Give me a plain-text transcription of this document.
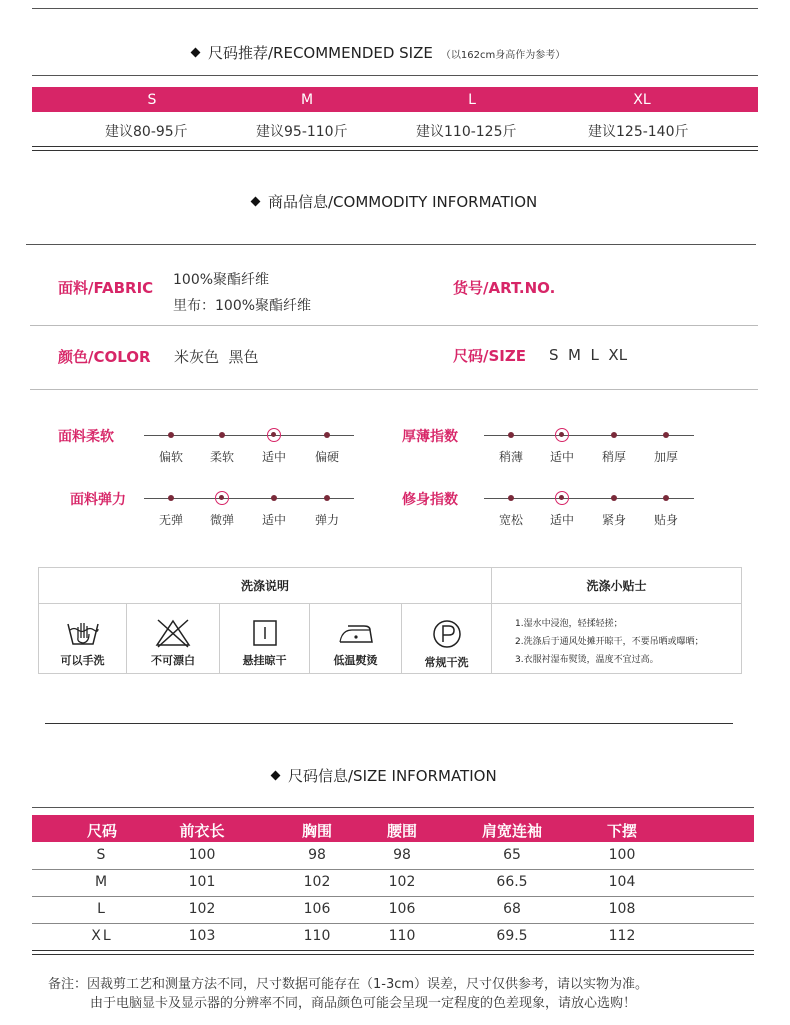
尺码推荐/RECOMMENDED SIZE （以162cm身高作为参考）
S	M	L	XL
建议80-95斤	建议95-110斤	建议110-125斤	建议125-140斤
商品信息/COMMODITY INFORMATION
面料/FABRIC 100%聚酯纤维
里布：100%聚酯纤维
货号/ART.NO.
颜色/COLOR 米灰色  黑色	尺码/SIZE S  M  L  XL
面料柔软
偏软	柔软	适中	偏硬
厚薄指数
稍薄	适中	稍厚	加厚
面料弹力
无弹	微弹	适中	弹力
修身指数
宽松	适中	紧身	贴身
洗涤说明	洗涤小贴士
可以手洗	不可漂白	悬挂晾干	低温熨烫	常规干洗
1.湿水中浸泡，轻揉轻搓；
2.洗涤后于通风处摊开晾干，不要吊晒或曝晒；
3.衣服衬湿布熨烫，温度不宜过高。
尺码信息/SIZE INFORMATION
尺码	前衣长	胸围	腰围	肩宽连袖	下摆
S	100	98	98	65	100
M	101	102	102	66.5	104
L	102	106	106	68	108
XL	103	110	110	69.5	112
备注：因裁剪工艺和测量方法不同，尺寸数据可能存在（1-3cm）误差，尺寸仅供参考，请以实物为准。
由于电脑显卡及显示器的分辨率不同，商品颜色可能会呈现一定程度的色差现象，请放心选购！
